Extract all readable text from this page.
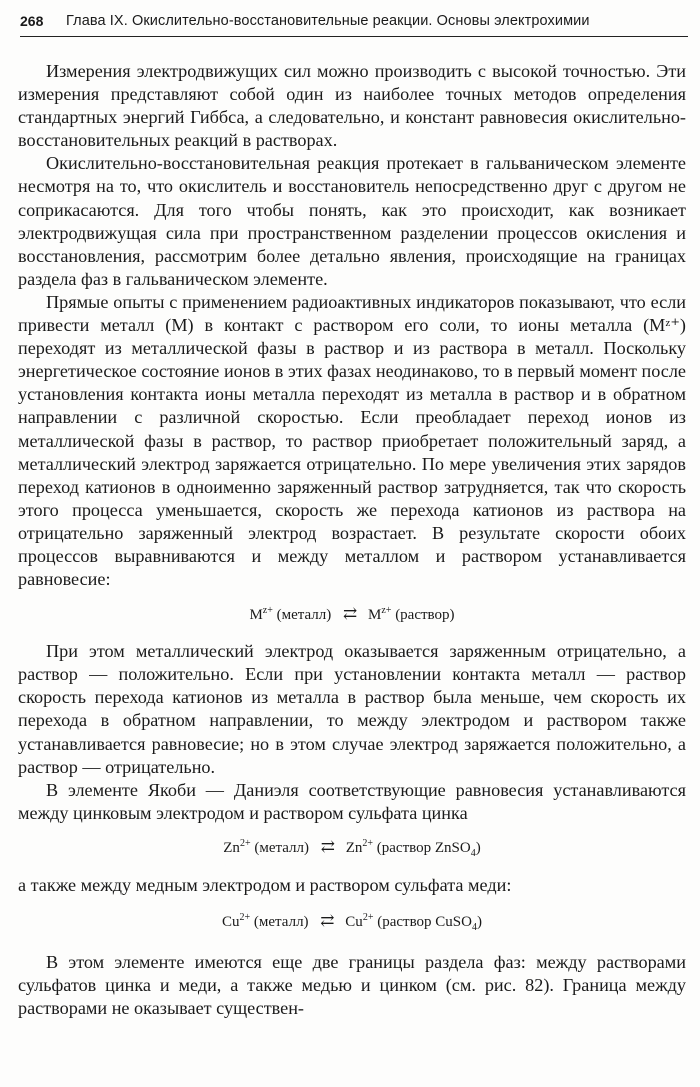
268 Глава IX. Окислительно-восстановительные реакции. Основы электрохимии

Измерения электродвижущих сил можно производить с высокой точностью. Эти измерения представляют собой один из наиболее точных методов определения стандартных энергий Гиббса, а следовательно, и констант равновесия окислительно-восстановительных реакций в растворах.

Окислительно-восстановительная реакция протекает в гальваническом элементе несмотря на то, что окислитель и восстановитель непосредственно друг с другом не соприкасаются. Для того чтобы понять, как это происходит, как возникает электродвижущая сила при пространственном разделении процессов окисления и восстановления, рассмотрим более детально явления, происходящие на границах раздела фаз в гальваническом элементе.

Прямые опыты с применением радиоактивных индикаторов показывают, что если привести металл (M) в контакт с раствором его соли, то ионы металла (Mᶻ⁺) переходят из металлической фазы в раствор и из раствора в металл. Поскольку энергетическое состояние ионов в этих фазах неодинаково, то в первый момент после установления контакта ионы металла переходят из металла в раствор и в обратном направлении с различной скоростью. Если преобладает переход ионов из металлической фазы в раствор, то раствор приобретает положительный заряд, а металлический электрод заряжается отрицательно. По мере увеличения этих зарядов переход катионов в одноименно заряженный раствор затрудняется, так что скорость этого процесса уменьшается, скорость же перехода катионов из раствора на отрицательно заряженный электрод возрастает. В результате скорости обоих процессов выравниваются и между металлом и раствором устанавливается равновесие:

$M^{z+}$ (металл) ⇄ $M^{z+}$ (раствор)

При этом металлический электрод оказывается заряженным отрицательно, а раствор — положительно. Если при установлении контакта металл — раствор скорость перехода катионов из металла в раствор была меньше, чем скорость их перехода в обратном направлении, то между электродом и раствором также устанавливается равновесие; но в этом случае электрод заряжается положительно, а раствор — отрицательно.

В элементе Якоби — Даниэля соответствующие равновесия устанавливаются между цинковым электродом и раствором сульфата цинка

$Zn^{2+}$ (металл) ⇄ $Zn^{2+}$ (раствор ZnSO$_4$)

а также между медным электродом и раствором сульфата меди:

$Cu^{2+}$ (металл) ⇄ $Cu^{2+}$ (раствор CuSO$_4$)

В этом элементе имеются еще две границы раздела фаз: между растворами сульфатов цинка и меди, а также медью и цинком (см. рис. 82). Граница между растворами не оказывает существен-
